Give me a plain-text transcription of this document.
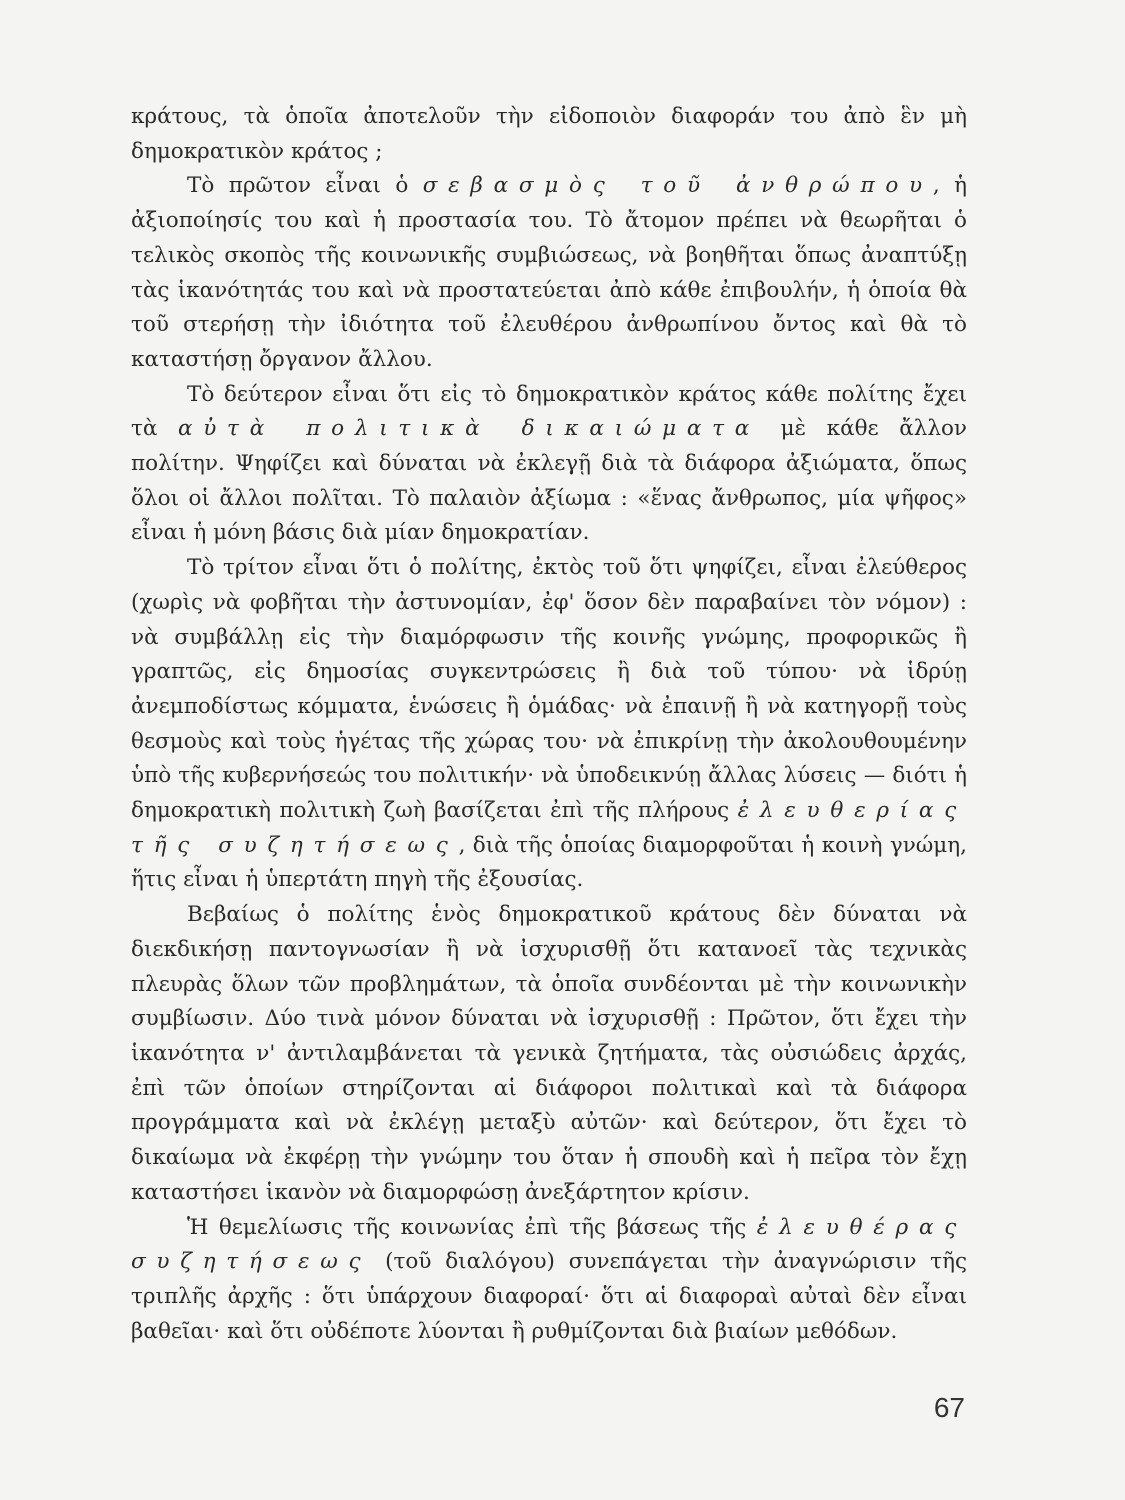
κράτους, τὰ ὁποῖα ἀποτελοῦν τὴν εἰδοποιὸν διαφοράν του ἀπὸ ἓν μὴ δημοκρατικὸν κράτος ;

Τὸ πρῶτον εἶναι ὁ σεβασμὸς τοῦ ἀνθρώπου, ἡ ἀξιοποίησίς του καὶ ἡ προστασία του. Τὸ ἄτομον πρέπει νὰ θεωρῆται ὁ τελικὸς σκοπὸς τῆς κοινωνικῆς συμβιώσεως, νὰ βοηθῆται ὅπως ἀναπτύξῃ τὰς ἱκανότητάς του καὶ νὰ προστατεύεται ἀπὸ κάθε ἐπιβουλήν, ἡ ὁποία θὰ τοῦ στερήσῃ τὴν ἰδιότητα τοῦ ἐλευθέρου ἀνθρωπίνου ὄντος καὶ θὰ τὸ καταστήσῃ ὄργανον ἄλλου.

Τὸ δεύτερον εἶναι ὅτι εἰς τὸ δημοκρατικὸν κράτος κάθε πολίτης ἔχει τὰ αὐτὰ πολιτικὰ δικαιώματα μὲ κάθε ἄλλον πολίτην. Ψηφίζει καὶ δύναται νὰ ἐκλεγῇ διὰ τὰ διάφορα ἀξιώματα, ὅπως ὅλοι οἱ ἄλλοι πολῖται. Τὸ παλαιὸν ἀξίωμα : «ἕνας ἄνθρωπος, μία ψῆφος» εἶναι ἡ μόνη βάσις διὰ μίαν δημοκρατίαν.

Τὸ τρίτον εἶναι ὅτι ὁ πολίτης, ἐκτὸς τοῦ ὅτι ψηφίζει, εἶναι ἐλεύθερος (χωρὶς νὰ φοβῆται τὴν ἀστυνομίαν, ἐφ' ὅσον δὲν παραβαίνει τὸν νόμον) : νὰ συμβάλλῃ εἰς τὴν διαμόρφωσιν τῆς κοινῆς γνώμης, προφορικῶς ἢ γραπτῶς, εἰς δημοσίας συγκεντρώσεις ἢ διὰ τοῦ τύπου· νὰ ἱδρύῃ ἀνεμποδίστως κόμματα, ἑνώσεις ἢ ὁμάδας· νὰ ἐπαινῇ ἢ νὰ κατηγορῇ τοὺς θεσμοὺς καὶ τοὺς ἡγέτας τῆς χώρας του· νὰ ἐπικρίνῃ τὴν ἀκολουθουμένην ὑπὸ τῆς κυβερνήσεώς του πολιτικήν· νὰ ὑποδεικνύῃ ἄλλας λύσεις — διότι ἡ δημοκρατικὴ πολιτικὴ ζωὴ βασίζεται ἐπὶ τῆς πλήρους ἐλευθερίας τῆς συζητήσεως, διὰ τῆς ὁποίας διαμορφοῦται ἡ κοινὴ γνώμη, ἥτις εἶναι ἡ ὑπερτάτη πηγὴ τῆς ἐξουσίας.

Βεβαίως ὁ πολίτης ἑνὸς δημοκρατικοῦ κράτους δὲν δύναται νὰ διεκδικήσῃ παντογνωσίαν ἢ νὰ ἰσχυρισθῇ ὅτι κατανοεῖ τὰς τεχνικὰς πλευρὰς ὅλων τῶν προβλημάτων, τὰ ὁποῖα συνδέονται μὲ τὴν κοινωνικὴν συμβίωσιν. Δύο τινὰ μόνον δύναται νὰ ἰσχυρισθῇ : Πρῶτον, ὅτι ἔχει τὴν ἱκανότητα ν' ἀντιλαμβάνεται τὰ γενικὰ ζητήματα, τὰς οὐσιώδεις ἀρχάς, ἐπὶ τῶν ὁποίων στηρίζονται αἱ διάφοροι πολιτικαὶ καὶ τὰ διάφορα προγράμματα καὶ νὰ ἐκλέγῃ μεταξὺ αὐτῶν· καὶ δεύτερον, ὅτι ἔχει τὸ δικαίωμα νὰ ἐκφέρῃ τὴν γνώμην του ὅταν ἡ σπουδὴ καὶ ἡ πεῖρα τὸν ἔχῃ καταστήσει ἱκανὸν νὰ διαμορφώσῃ ἀνεξάρτητον κρίσιν.

Ἡ θεμελίωσις τῆς κοινωνίας ἐπὶ τῆς βάσεως τῆς ἐλευθέρας συζητήσεως (τοῦ διαλόγου) συνεπάγεται τὴν ἀναγνώρισιν τῆς τριπλῆς ἀρχῆς : ὅτι ὑπάρχουν διαφοραί· ὅτι αἱ διαφοραὶ αὐταὶ δὲν εἶναι βαθεῖαι· καὶ ὅτι οὐδέποτε λύονται ἢ ρυθμίζονται διὰ βιαίων μεθόδων.

67
